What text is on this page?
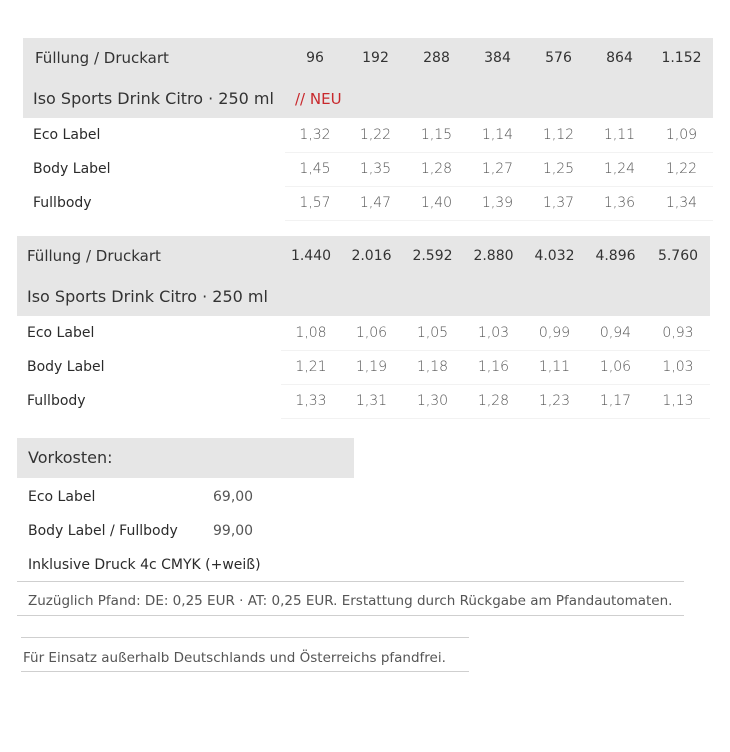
Füllung / Druckart	96	192	288	384	576	864	1.152
Iso Sports Drink Citro · 250 ml	// NEU						
Eco Label	1,32	1,22	1,15	1,14	1,12	1,11	1,09
Body Label	1,45	1,35	1,28	1,27	1,25	1,24	1,22
Fullbody	1,57	1,47	1,40	1,39	1,37	1,36	1,34
Füllung / Druckart	1.440	2.016	2.592	2.880	4.032	4.896	5.760
Iso Sports Drink Citro · 250 ml							
Eco Label	1,08	1,06	1,05	1,03	0,99	0,94	0,93
Body Label	1,21	1,19	1,18	1,16	1,11	1,06	1,03
Fullbody	1,33	1,31	1,30	1,28	1,23	1,17	1,13
Vorkosten:
Eco Label	69,00
Body Label / Fullbody	99,00
Inklusive Druck 4c CMYK (+weiß)
Zuzüglich Pfand: DE: 0,25 EUR · AT: 0,25 EUR. Erstattung durch Rückgabe am Pfandautomaten.
Für Einsatz außerhalb Deutschlands und Österreichs pfandfrei.
